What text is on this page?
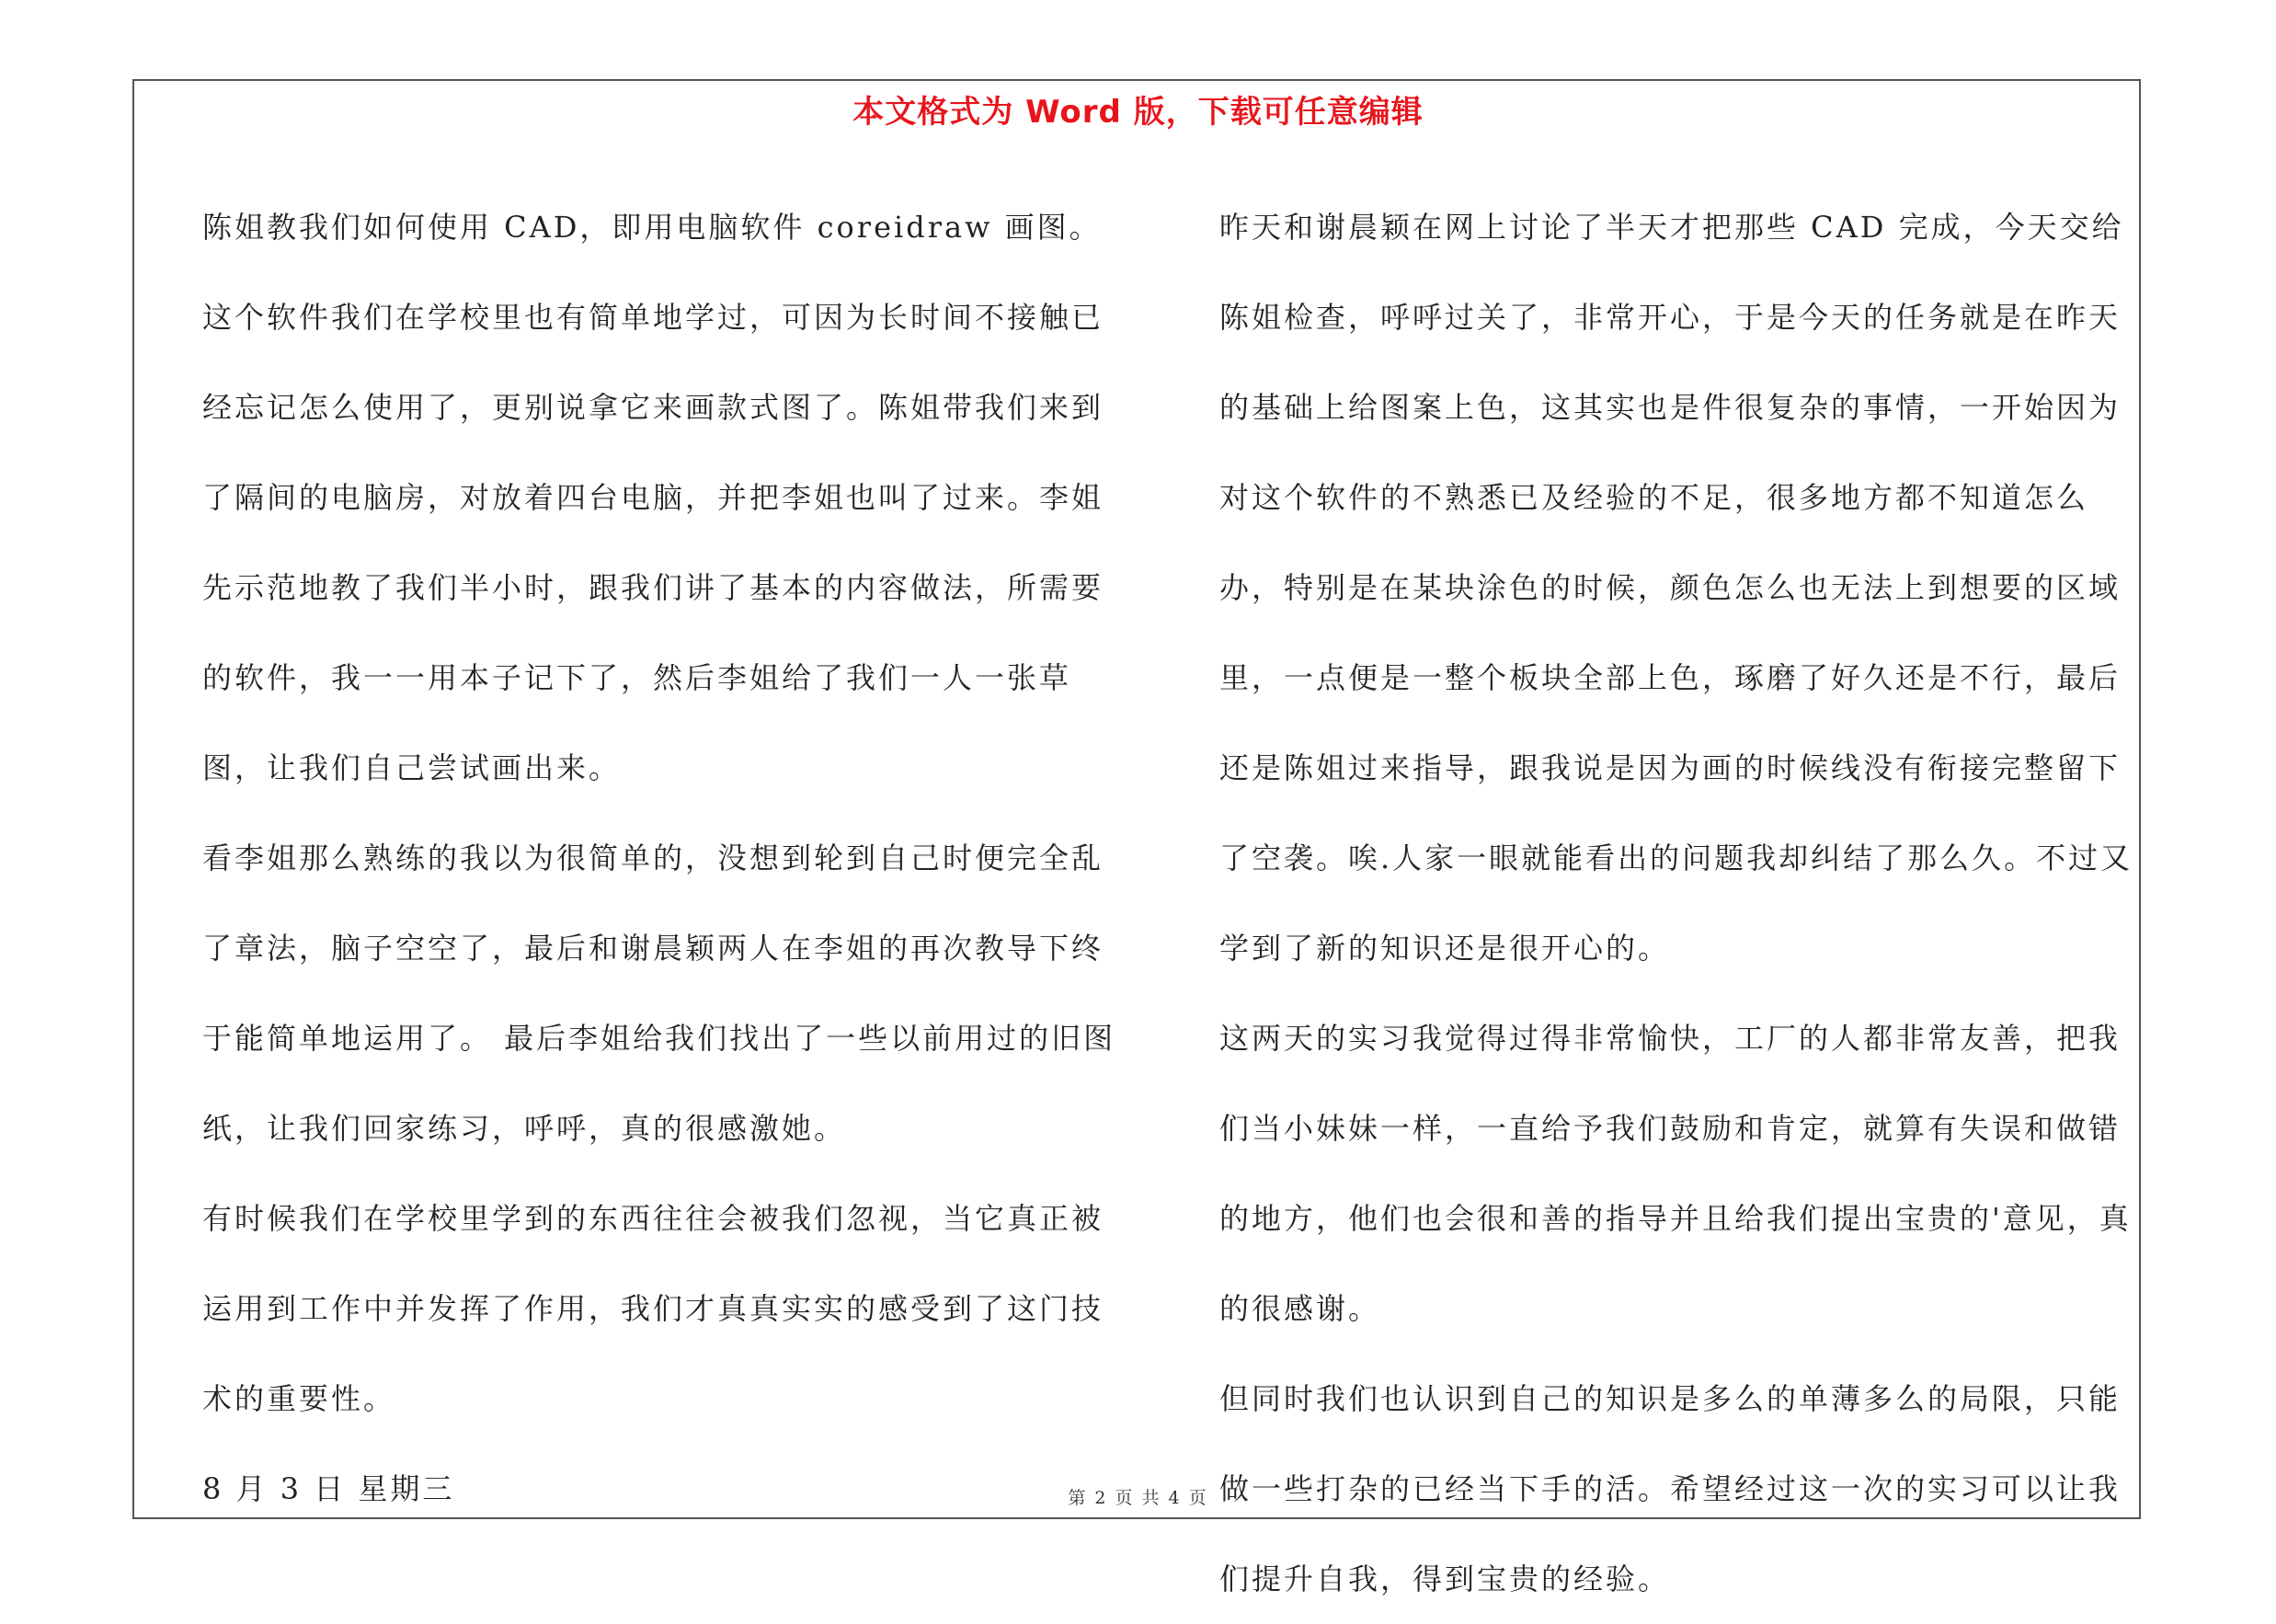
本文格式为 Word 版，下载可任意编辑

陈姐教我们如何使用 CAD，即用电脑软件 coreidraw 画图。这个软件我们在学校里也有简单地学过，可因为长时间不接触已经忘记怎么使用了，更别说拿它来画款式图了。陈姐带我们来到了隔间的电脑房，对放着四台电脑，并把李姐也叫了过来。李姐先示范地教了我们半小时，跟我们讲了基本的内容做法，所需要的软件，我一一用本子记下了，然后李姐给了我们一人一张草图，让我们自己尝试画出来。

看李姐那么熟练的我以为很简单的，没想到轮到自己时便完全乱了章法，脑子空空了，最后和谢晨颖两人在李姐的再次教导下终于能简单地运用了。 最后李姐给我们找出了一些以前用过的旧图纸，让我们回家练习，呼呼，真的很感激她。

有时候我们在学校里学到的东西往往会被我们忽视，当它真正被运用到工作中并发挥了作用，我们才真真实实的感受到了这门技术的重要性。

8 月 3 日 星期三

昨天和谢晨颖在网上讨论了半天才把那些 CAD 完成，今天交给陈姐检查，呼呼过关了，非常开心，于是今天的任务就是在昨天的基础上给图案上色，这其实也是件很复杂的事情，一开始因为对这个软件的不熟悉已及经验的不足，很多地方都不知道怎么办，特别是在某块涂色的时候，颜色怎么也无法上到想要的区域里，一点便是一整个板块全部上色，琢磨了好久还是不行，最后还是陈姐过来指导，跟我说是因为画的时候线没有衔接完整留下了空袭。唉.人家一眼就能看出的问题我却纠结了那么久。不过又学到了新的知识还是很开心的。

这两天的实习我觉得过得非常愉快，工厂的人都非常友善，把我们当小妹妹一样，一直给予我们鼓励和肯定，就算有失误和做错的地方，他们也会很和善的指导并且给我们提出宝贵的'意见，真的很感谢。

但同时我们也认识到自己的知识是多么的单薄多么的局限，只能做一些打杂的已经当下手的活。希望经过这一次的实习可以让我们提升自我，得到宝贵的经验。

第 2 页 共 4 页
